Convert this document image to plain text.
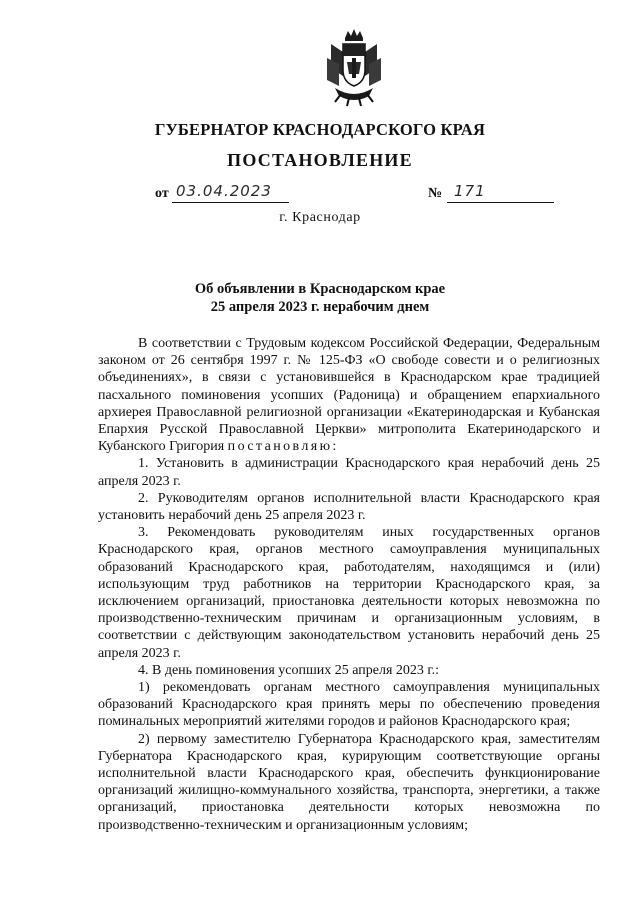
ГУБЕРНАТОР КРАСНОДАРСКОГО КРАЯ
ПОСТАНОВЛЕНИЕ
от 03.04.2023	№ 171
г. Краснодар
Об объявлении в Краснодарском крае
25 апреля 2023 г. нерабочим днем

В соответствии с Трудовым кодексом Российской Федерации, Федеральным законом от 26 сентября 1997 г. № 125-ФЗ «О свободе совести и о религиозных объединениях», в связи с установившейся в Краснодарском крае традицией пасхального поминовения усопших (Радоница) и обращением епархиального архиерея Православной религиозной организации «Екатеринодарская и Кубанская Епархия Русской Православной Церкви» митрополита Екатеринодарского и Кубанского Григория постановляю:

1. Установить в администрации Краснодарского края нерабочий день 25 апреля 2023 г.

2. Руководителям органов исполнительной власти Краснодарского края установить нерабочий день 25 апреля 2023 г.

3. Рекомендовать руководителям иных государственных органов Краснодарского края, органов местного самоуправления муниципальных образований Краснодарского края, работодателям, находящимся и (или) использующим труд работников на территории Краснодарского края, за исключением организаций, приостановка деятельности которых невозможна по производственно-техническим причинам и организационным условиям, в соответствии с действующим законодательством установить нерабочий день 25 апреля 2023 г.

4. В день поминовения усопших 25 апреля 2023 г.:

1) рекомендовать органам местного самоуправления муниципальных образований Краснодарского края принять меры по обеспечению проведения поминальных мероприятий жителями городов и районов Краснодарского края;

2) первому заместителю Губернатора Краснодарского края, заместителям Губернатора Краснодарского края, курирующим соответствующие органы исполнительной власти Краснодарского края, обеспечить функционирование организаций жилищно-коммунального хозяйства, транспорта, энергетики, а также организаций, приостановка деятельности которых невозможна по производственно-техническим и организационным условиям;
